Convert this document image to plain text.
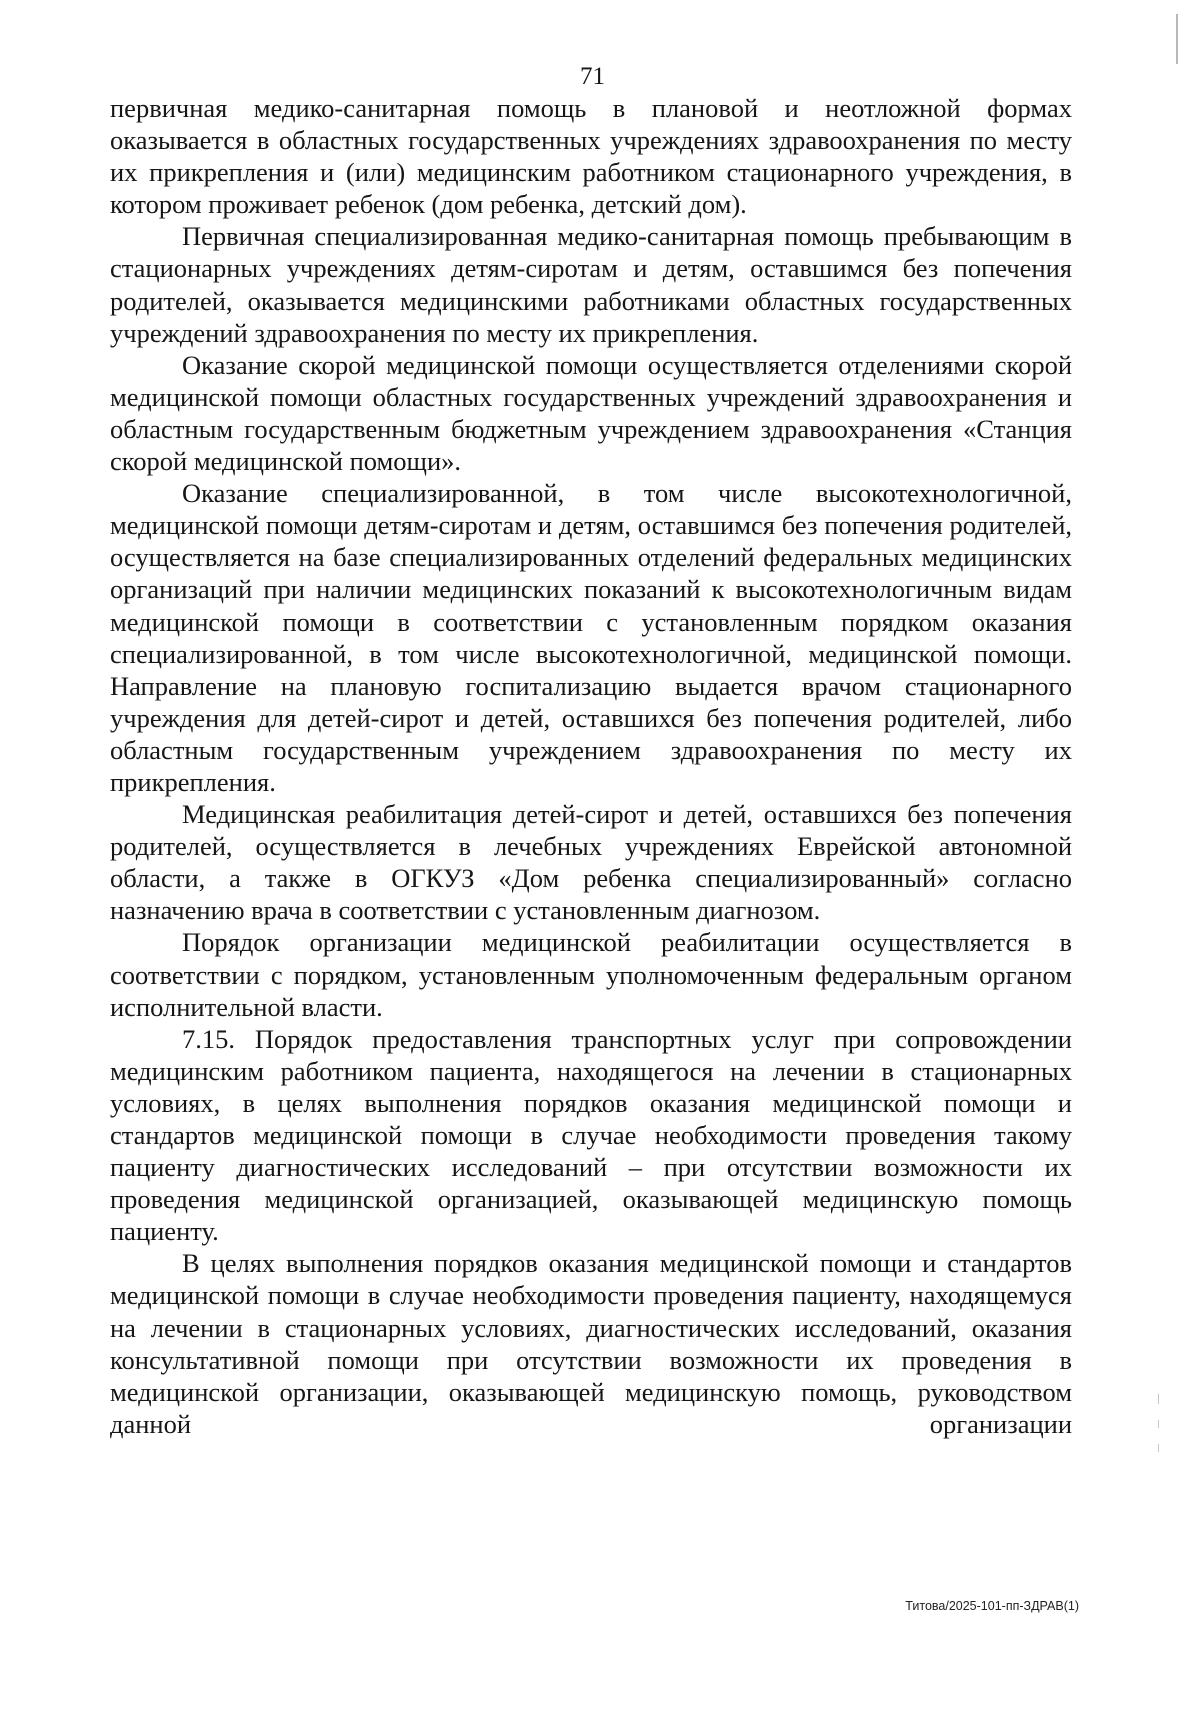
71

первичная медико-санитарная помощь в плановой и неотложной формах оказывается в областных государственных учреждениях здравоохранения по месту их прикрепления и (или) медицинским работником стационарного учреждения, в котором проживает ребенок (дом ребенка, детский дом).

Первичная специализированная медико-санитарная помощь пребывающим в стационарных учреждениях детям-сиротам и детям, оставшимся без попечения родителей, оказывается медицинскими работниками областных государственных учреждений здравоохранения по месту их прикрепления.

Оказание скорой медицинской помощи осуществляется отделениями скорой медицинской помощи областных государственных учреждений здравоохранения и областным государственным бюджетным учреждением здравоохранения «Станция скорой медицинской помощи».

Оказание специализированной, в том числе высокотехнологичной, медицинской помощи детям-сиротам и детям, оставшимся без попечения родителей, осуществляется на базе специализированных отделений федеральных медицинских организаций при наличии медицинских показаний к высокотехнологичным видам медицинской помощи в соответствии с установленным порядком оказания специализированной, в том числе высокотехнологичной, медицинской помощи. Направление на плановую госпитализацию выдается врачом стационарного учреждения для детей-сирот и детей, оставшихся без попечения родителей, либо областным государственным учреждением здравоохранения по месту их прикрепления.

Медицинская реабилитация детей-сирот и детей, оставшихся без попечения родителей, осуществляется в лечебных учреждениях Еврейской автономной области, а также в ОГКУЗ «Дом ребенка специализированный» согласно назначению врача в соответствии с установленным диагнозом.

Порядок организации медицинской реабилитации осуществляется в соответствии с порядком, установленным уполномоченным федеральным органом исполнительной власти.

7.15. Порядок предоставления транспортных услуг при сопровождении медицинским работником пациента, находящегося на лечении в стационарных условиях, в целях выполнения порядков оказания медицинской помощи и стандартов медицинской помощи в случае необходимости проведения такому пациенту диагностических исследований – при отсутствии возможности их проведения медицинской организацией, оказывающей медицинскую помощь пациенту.

В целях выполнения порядков оказания медицинской помощи и стандартов медицинской помощи в случае необходимости проведения пациенту, находящемуся на лечении в стационарных условиях, диагностических исследований, оказания консультативной помощи при отсутствии возможности их проведения в медицинской организации, оказывающей медицинскую помощь, руководством данной организации

Титова/2025-101-пп-ЗДРАВ(1)
